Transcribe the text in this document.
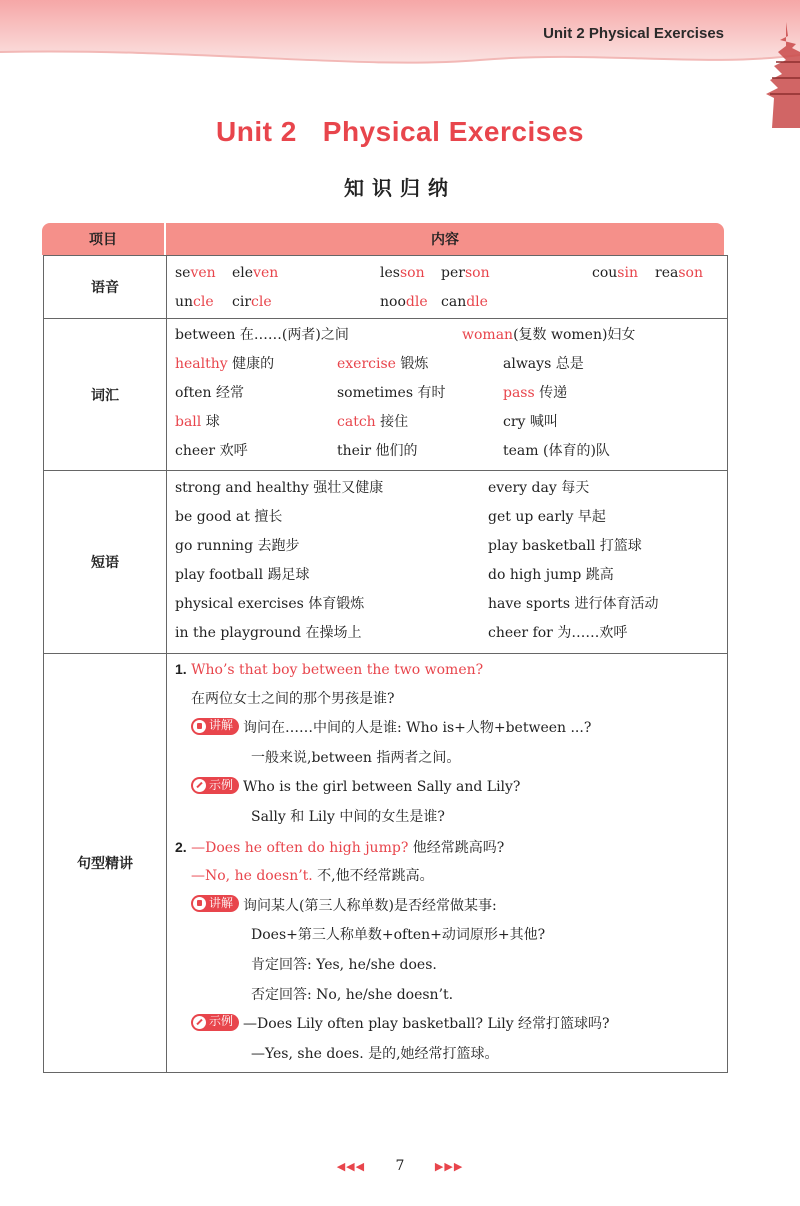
Unit 2 Physical Exercises
Unit 2 Physical Exercises
知识归纳
项目	内容
语音
seven eleven	lesson person	cousin reason
uncle circle	noodle candle
词汇
between 在……(两者)之间	woman(复数 women)妇女
healthy 健康的	exercise 锻炼	always 总是
often 经常	sometimes 有时	pass 传递
ball 球	catch 接住	cry 喊叫
cheer 欢呼	their 他们的	team (体育的)队
短语
strong and healthy 强壮又健康	every day 每天
be good at 擅长	get up early 早起
go running 去跑步	play basketball 打篮球
play football 踢足球	do high jump 跳高
physical exercises 体育锻炼	have sports 进行体育活动
in the playground 在操场上	cheer for 为……欢呼
句型精讲
1. Who’s that boy between the two women?
在两位女士之间的那个男孩是谁?
讲解 询问在……中间的人是谁: Who is+人物+between ...?
一般来说,between 指两者之间。
示例 Who is the girl between Sally and Lily?
Sally 和 Lily 中间的女生是谁?
2. —Does he often do high jump? 他经常跳高吗?
—No, he doesn’t. 不,他不经常跳高。
讲解 询问某人(第三人称单数)是否经常做某事:
Does+第三人称单数+often+动词原形+其他?
肯定回答: Yes, he/she does.
否定回答: No, he/she doesn’t.
示例 —Does Lily often play basketball? Lily 经常打篮球吗?
—Yes, she does. 是的,她经常打篮球。
◀◀◀ 7	▶▶▶
